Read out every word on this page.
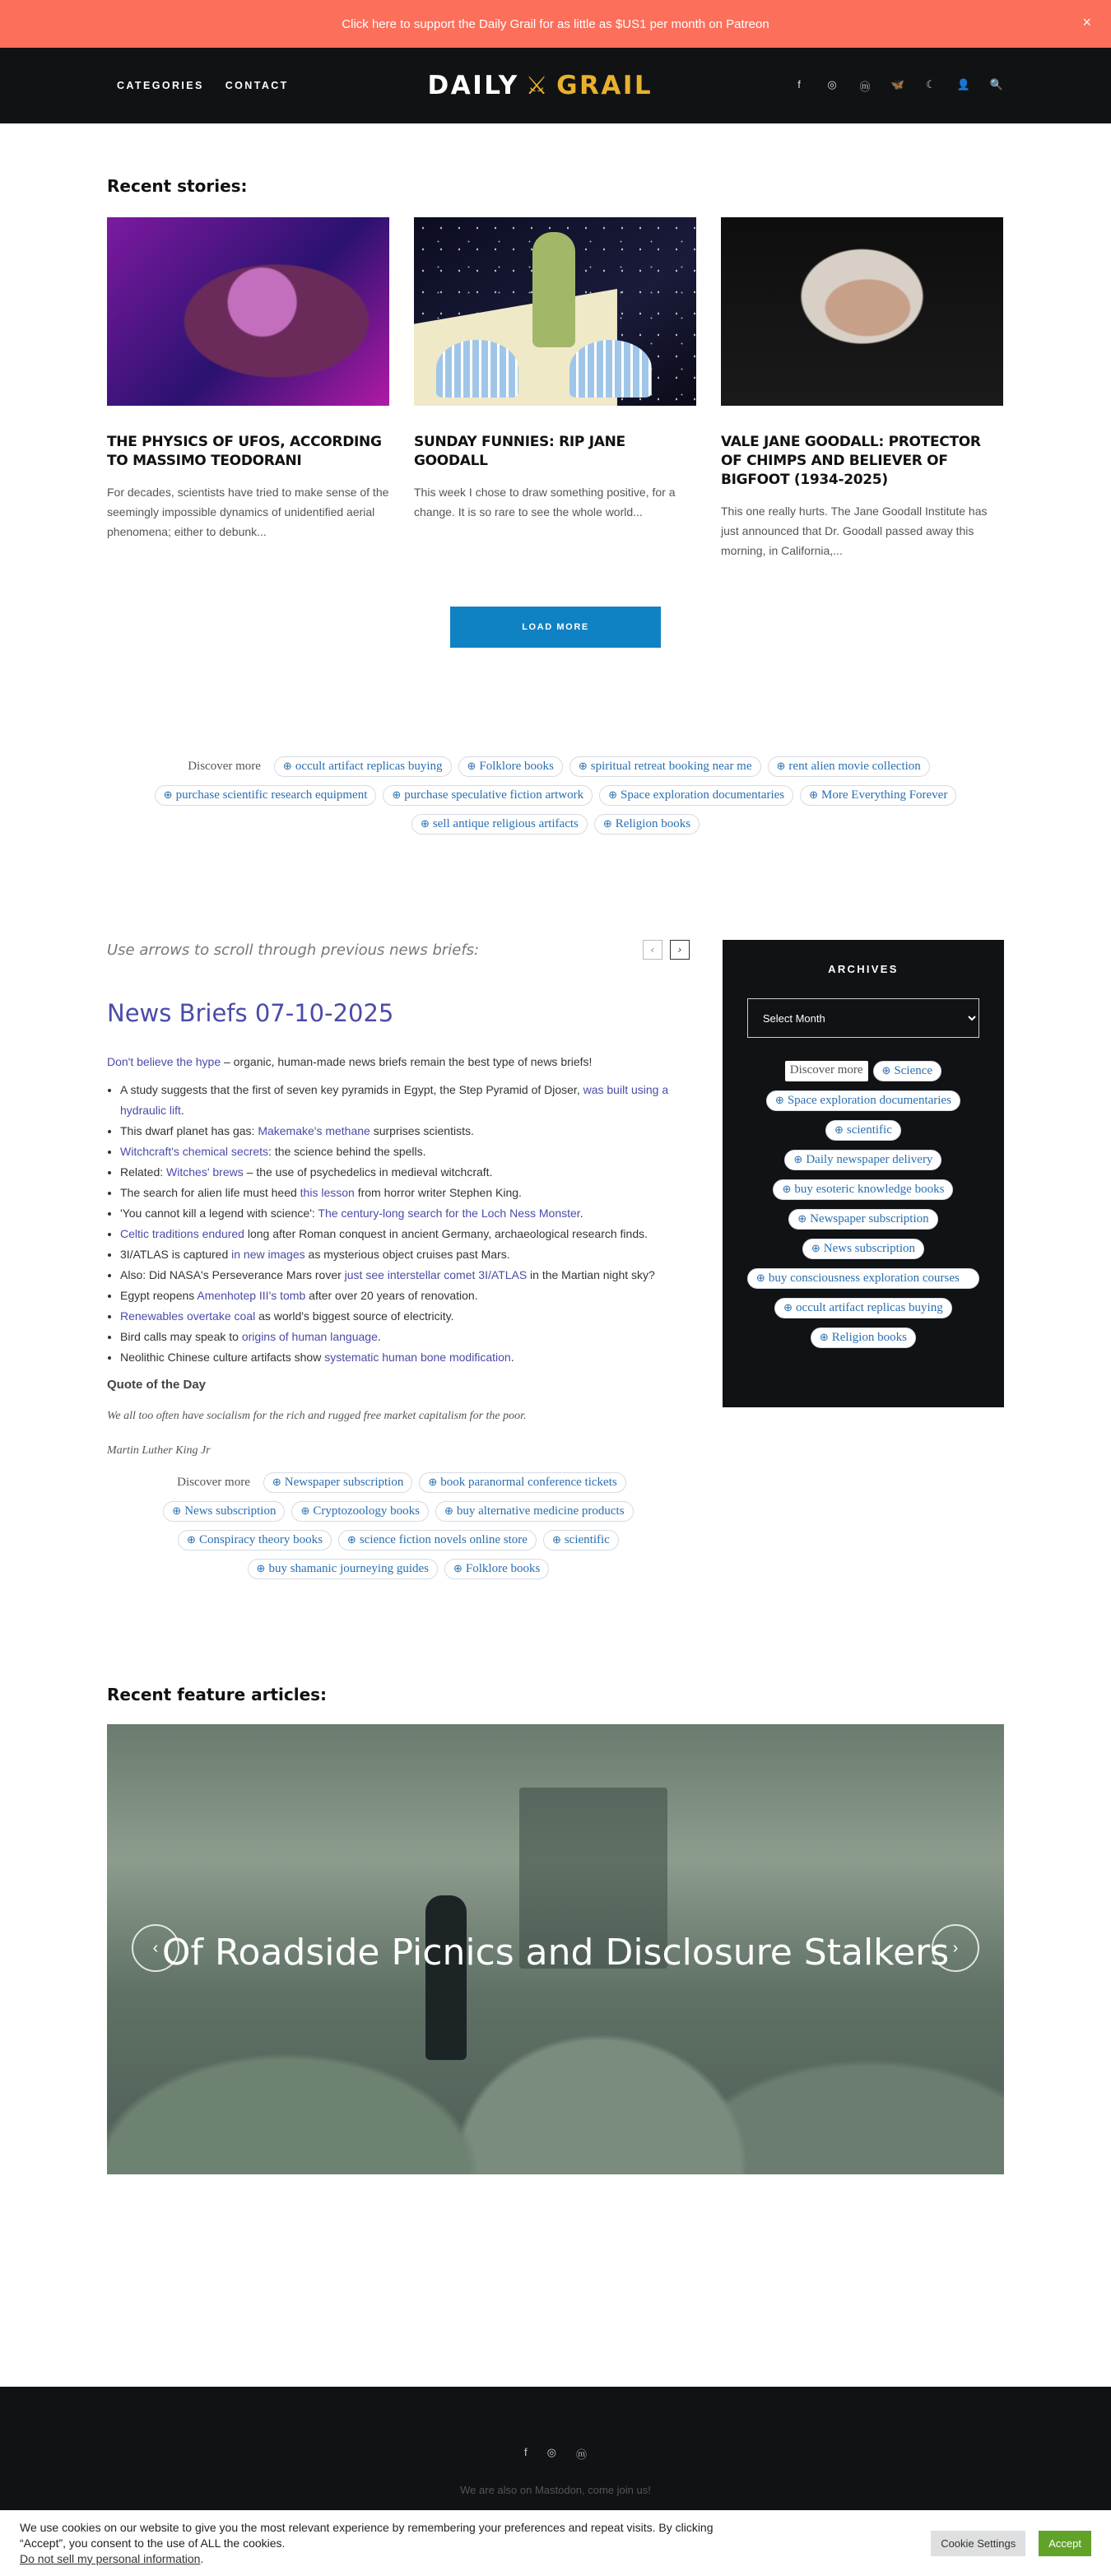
Click here to support the Daily Grail for as little as $US1 per month on Patreon	×
CATEGORIES CONTACT	DAILY ⚔ GRAIL	f	◎ ⓜ 🦋 ☾ 👤 🔍
Recent stories:
THE PHYSICS OF UFOS, ACCORDING TO MASSIMO TEODORANI

For decades, scientists have tried to make sense of the seemingly impossible dynamics of unidentified aerial phenomena; either to debunk...

SUNDAY FUNNIES: RIP JANE GOODALL

This week I chose to draw something positive, for a change. It is so rare to see the whole world...

VALE JANE GOODALL: PROTECTOR OF CHIMPS AND BELIEVER OF BIGFOOT (1934-2025)

This one really hurts. The Jane Goodall Institute has just announced that Dr. Goodall passed away this morning, in California,...

LOAD MORE
Discover more	⊕ occult artifact replicas buying	⊕ Folklore books	⊕ spiritual retreat booking near me	⊕ rent alien movie collection
⊕ purchase scientific research equipment	⊕ purchase speculative fiction artwork	⊕ Space exploration documentaries	⊕ More Everything Forever
⊕ sell antique religious artifacts	⊕ Religion books
Use arrows to scroll through previous news briefs:	‹	›
News Briefs 07-10-2025

Don't believe the hype – organic, human-made news briefs remain the best type of news briefs!

• A study suggests that the first of seven key pyramids in Egypt, the Step Pyramid of Djoser, was built using a hydraulic lift.
• This dwarf planet has gas: Makemake's methane surprises scientists.
• Witchcraft's chemical secrets: the science behind the spells.
• Related: Witches' brews – the use of psychedelics in medieval witchcraft.
• The search for alien life must heed this lesson from horror writer Stephen King.
• 'You cannot kill a legend with science': The century-long search for the Loch Ness Monster.
• Celtic traditions endured long after Roman conquest in ancient Germany, archaeological research finds.
• 3I/ATLAS is captured in new images as mysterious object cruises past Mars.
• Also: Did NASA's Perseverance Mars rover just see interstellar comet 3I/ATLAS in the Martian night sky?
• Egypt reopens Amenhotep III's tomb after over 20 years of renovation.
• Renewables overtake coal as world's biggest source of electricity.
• Bird calls may speak to origins of human language.
• Neolithic Chinese culture artifacts show systematic human bone modification.

Quote of the Day

We all too often have socialism for the rich and rugged free market capitalism for the poor.

Martin Luther King Jr

Discover more	⊕ Newspaper subscription	⊕ book paranormal conference tickets
⊕ News subscription	⊕ Cryptozoology books	⊕ buy alternative medicine products
⊕ Conspiracy theory books	⊕ science fiction novels online store	⊕ scientific
⊕ buy shamanic journeying guides	⊕ Folklore books
ARCHIVES
Select Month
Discover more	⊕ Science
⊕ Space exploration documentaries
⊕ scientific
⊕ Daily newspaper delivery
⊕ buy esoteric knowledge books
⊕ Newspaper subscription
⊕ News subscription
⊕ buy consciousness exploration courses
⊕ occult artifact replicas buying
⊕ Religion books
Recent feature articles:
Of Roadside Picnics and Disclosure Stalkers
‹	›
f ◎ ⓜ
We are also on Mastodon, come join us!
We use cookies on our website to give you the most relevant experience by remembering your preferences and repeat visits. By clicking “Accept”, you consent to the use of ALL the cookies.
Do not sell my personal information.
Cookie Settings	Accept
